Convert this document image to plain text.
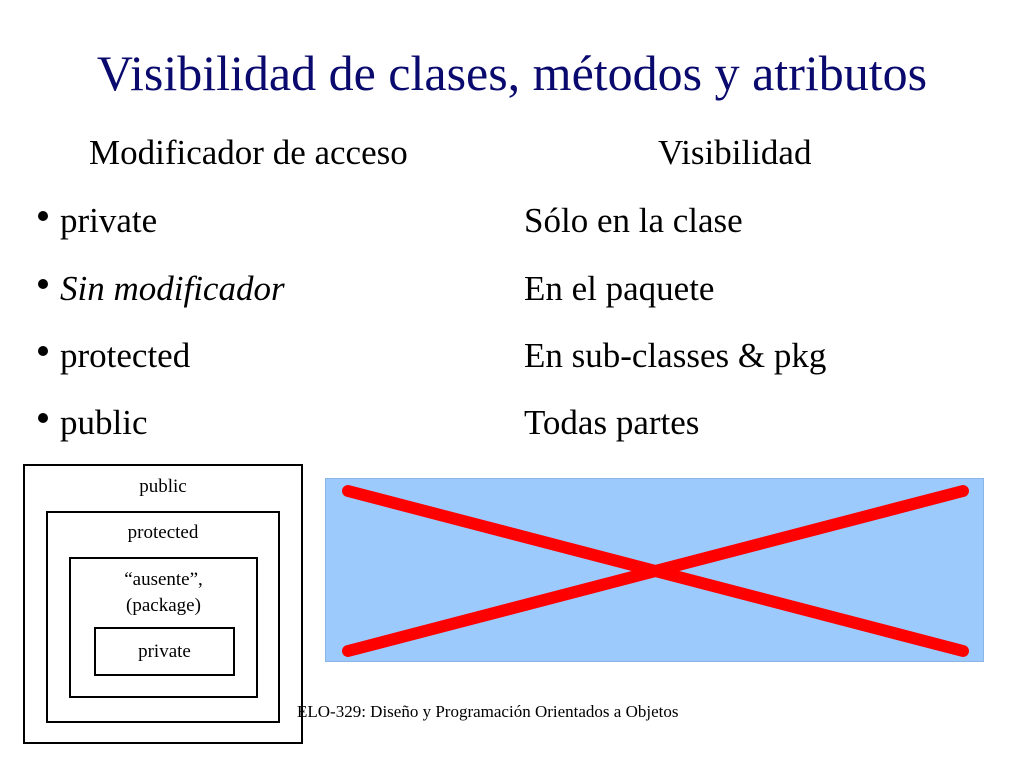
Visibilidad de clases, métodos y atributos
Modificador de acceso	Visibilidad
private	Sólo en la clase
Sin modificador	En el paquete
protected	En sub-classes & pkg
public	Todas partes
public
protected
“ausente”,
(package)
private
ELO-329: Diseño y Programación Orientados a Objetos
